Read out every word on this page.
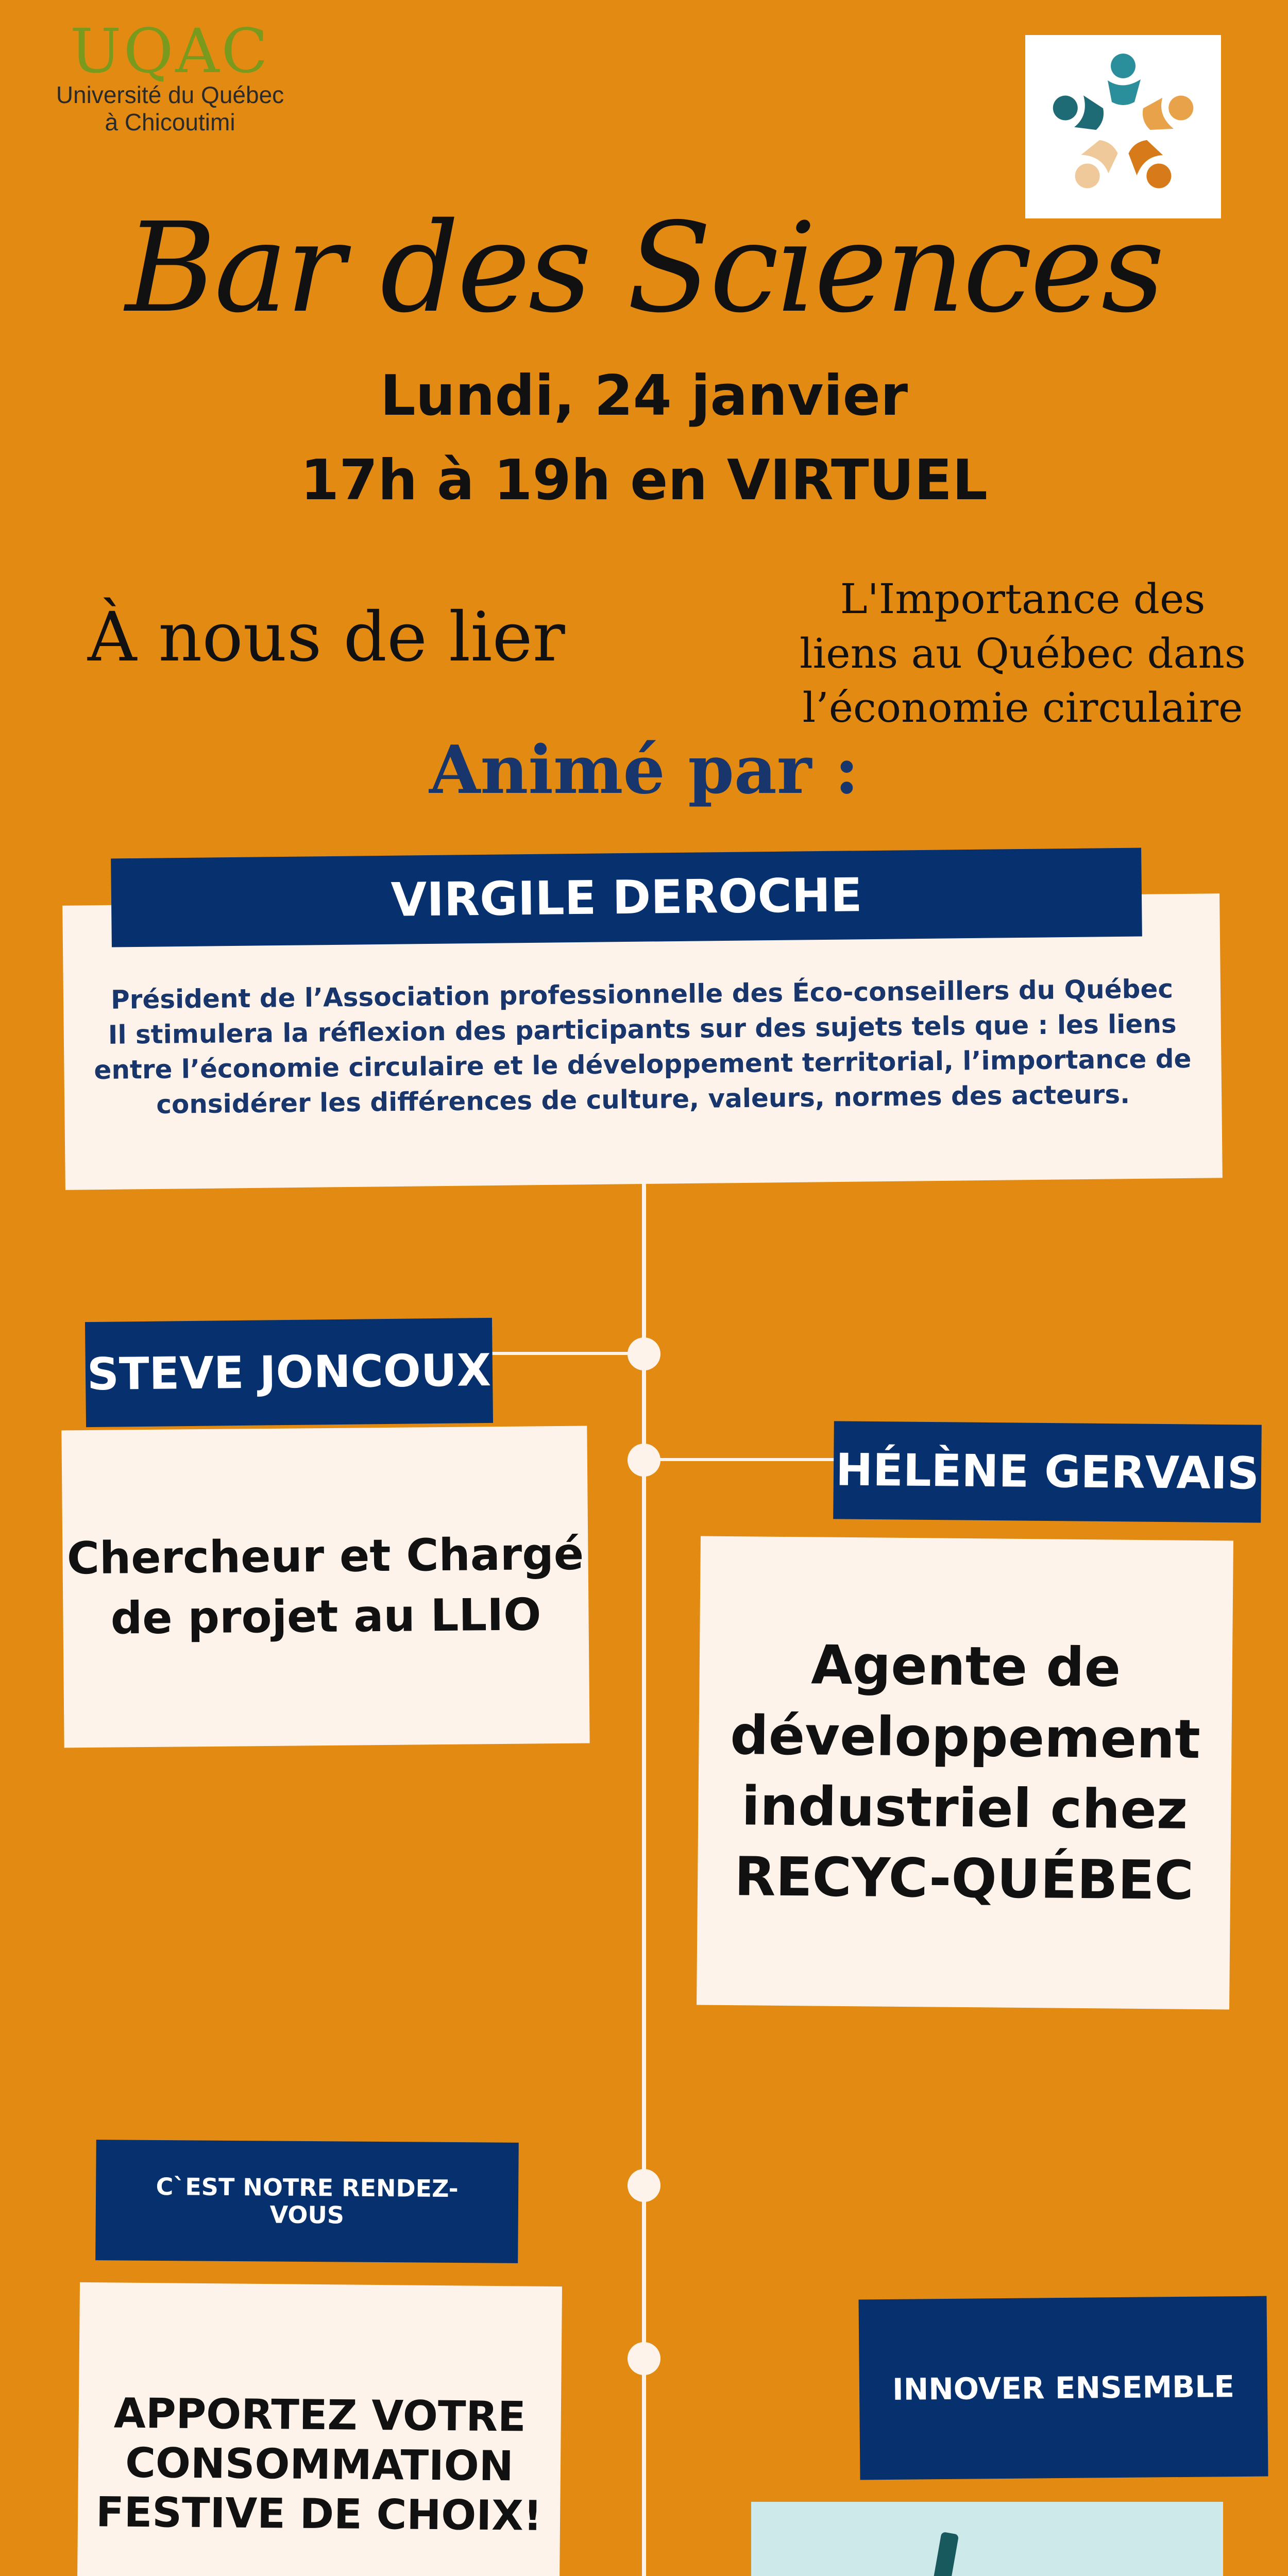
UQAC
Université du Québec
à Chicoutimi
Bar des Sciences
Lundi, 24 janvier
17h à 19h en VIRTUEL
À nous de lier	L'Importance des
liens au Québec dans
l’économie circulaire
Animé par :
Président de l’Association professionnelle des Éco-conseillers du Québec
Il stimulera la réflexion des participants sur des sujets tels que : les liens
entre l’économie circulaire et le développement territorial, l’importance de
considérer les différences de culture, valeurs, normes des acteurs.
VIRGILE DEROCHE
STEVE JONCOUX
Chercheur et Chargé
de projet au LLIO
HÉLÈNE GERVAIS
Agente de
développement
industriel chez
RECYC-QUÉBEC
C`EST NOTRE RENDEZ-
VOUS
APPORTEZ VOTRE
CONSOMMATION
FESTIVE DE CHOIX!
INNOVER ENSEMBLE
